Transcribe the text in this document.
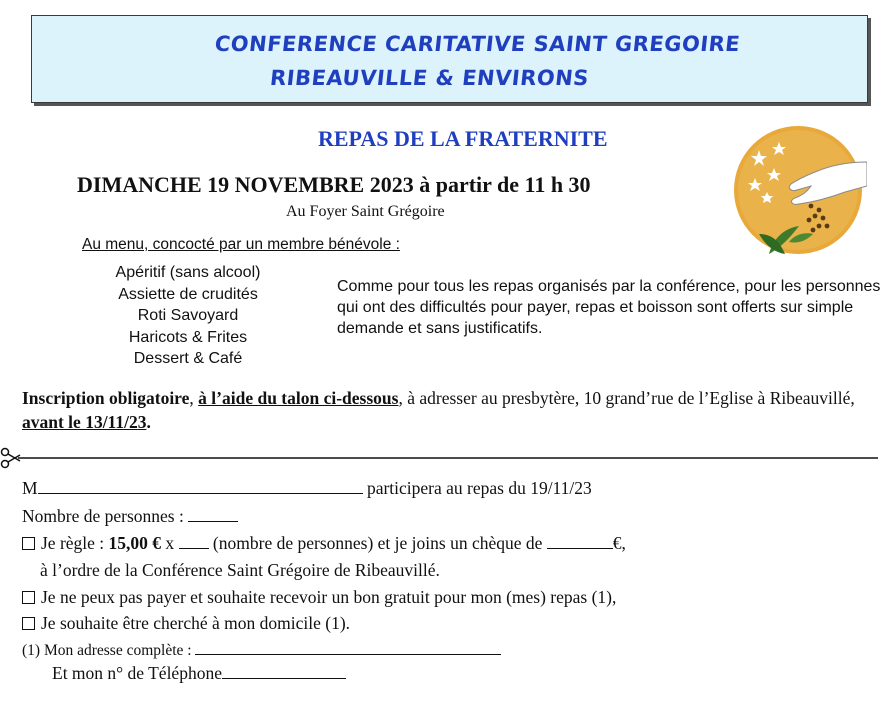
CONFERENCE CARITATIVE SAINT GREGOIRE
RIBEAUVILLE & ENVIRONS
REPAS DE LA FRATERNITE
DIMANCHE 19 NOVEMBRE 2023 à partir de 11 h 30
Au Foyer Saint Grégoire
Au menu, concocté par un membre bénévole :
Apéritif (sans alcool)
Assiette de crudités
Roti Savoyard
Haricots & Frites
Dessert & Café
Comme pour tous les repas organisés par la conférence, pour les personnes qui ont des difficultés pour payer, repas et boisson sont offerts sur simple demande et sans justificatifs.
Inscription obligatoire, à l’aide du talon ci-dessous, à adresser au presbytère, 10 grand’rue de l’Eglise à Ribeauvillé, avant le 13/11/23.
M	participera au repas du 19/11/23
Nombre de personnes :
Je règle : 15,00 € x  (nombre de personnes) et je joins un chèque de	€,
à l’ordre de la Conférence Saint Grégoire de Ribeauvillé.
Je ne peux pas payer et souhaite recevoir un bon gratuit pour mon (mes) repas (1),
Je souhaite être cherché à mon domicile (1).
(1) Mon adresse complète :
Et mon n° de Téléphone
